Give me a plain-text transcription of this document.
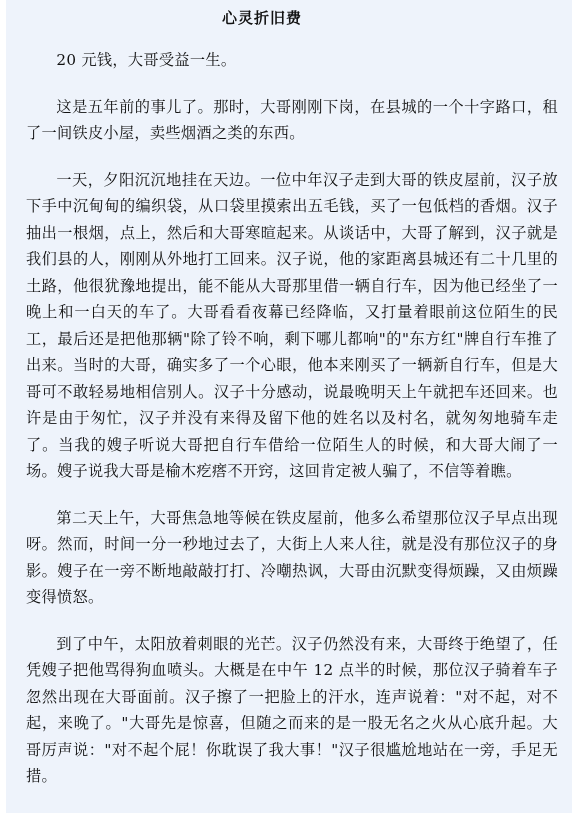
心灵折旧费

20 元钱，大哥受益一生。

这是五年前的事儿了。那时，大哥刚刚下岗，在县城的一个十字路口，租了一间铁皮小屋，卖些烟酒之类的东西。

一天，夕阳沉沉地挂在天边。一位中年汉子走到大哥的铁皮屋前，汉子放下手中沉甸甸的编织袋，从口袋里摸索出五毛钱，买了一包低档的香烟。汉子抽出一根烟，点上，然后和大哥寒暄起来。从谈话中，大哥了解到，汉子就是我们县的人，刚刚从外地打工回来。汉子说，他的家距离县城还有二十几里的土路，他很犹豫地提出，能不能从大哥那里借一辆自行车，因为他已经坐了一晚上和一白天的车了。大哥看看夜幕已经降临，又打量着眼前这位陌生的民工，最后还是把他那辆"除了铃不响，剩下哪儿都响"的"东方红"牌自行车推了出来。当时的大哥，确实多了一个心眼，他本来刚买了一辆新自行车，但是大哥可不敢轻易地相信别人。汉子十分感动，说最晚明天上午就把车还回来。也许是由于匆忙，汉子并没有来得及留下他的姓名以及村名，就匆匆地骑车走了。当我的嫂子听说大哥把自行车借给一位陌生人的时候，和大哥大闹了一场。嫂子说我大哥是榆木疙瘩不开窍，这回肯定被人骗了，不信等着瞧。

第二天上午，大哥焦急地等候在铁皮屋前，他多么希望那位汉子早点出现呀。然而，时间一分一秒地过去了，大街上人来人往，就是没有那位汉子的身影。嫂子在一旁不断地敲敲打打、冷嘲热讽，大哥由沉默变得烦躁，又由烦躁变得愤怒。

到了中午，太阳放着刺眼的光芒。汉子仍然没有来，大哥终于绝望了，任凭嫂子把他骂得狗血喷头。大概是在中午 12 点半的时候，那位汉子骑着车子忽然出现在大哥面前。汉子擦了一把脸上的汗水，连声说着："对不起，对不起，来晚了。"大哥先是惊喜，但随之而来的是一股无名之火从心底升起。大哥厉声说："对不起个屁！你耽误了我大事！"汉子很尴尬地站在一旁，手足无措。
